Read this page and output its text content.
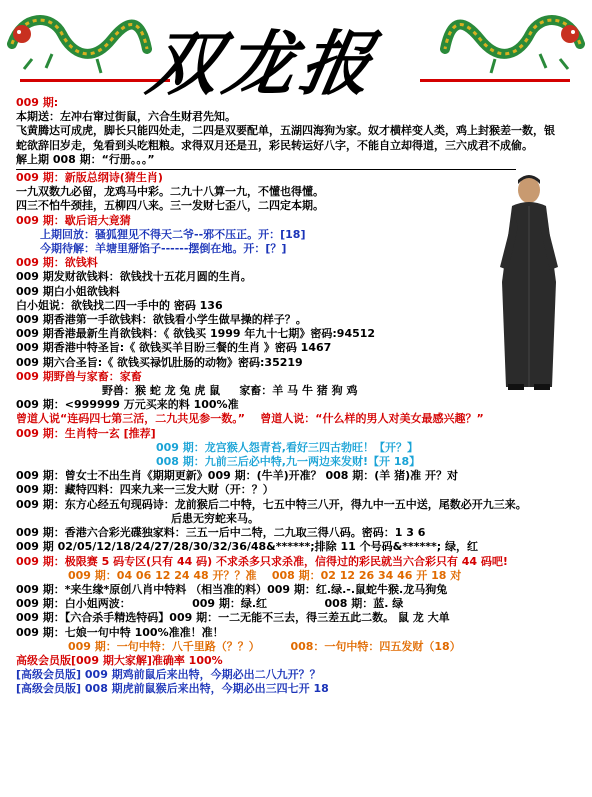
双龙报
009 期:
本期送：左冲右窜过街鼠，六合生财君先知。
飞黄腾达可成虎，脚长只能四处走，二四是双要配单，五湖四海狗为家。奴才横样变人类，鸡上封猴差一数，银蛇欲辞旧岁走，兔看到头吃粗粮。求得双月还是丑，彩民转运好八字，不能自立却得道，三六成君不成偷。
解上期 008 期：“行册。。。”
009 期：新版总纲诗(猜生肖)
一九双数九必留，龙鸡马中彩。二九十八算一九，不懂也得懂。
四三不怕牛颈挂，五柳四八来。三一发财七歪八，二四定本期。
009 期：歇后语大竟猜
上期回放：骚狐狸见不得天二爷--邪不压正。开：[18]
今期待解：羊塘里掰馅子------摆倒在地。开：[？]
009 期：欲钱料
009 期发财欲钱料：欲钱找十五花月圆的生肖。
009 期白小姐欲钱料
白小姐说：欲钱找二四一手中的 密码 136
009 期香港第一手欲钱料：欲钱看小学生做早操的样子？。
009 期香港最新生肖欲钱料：《 欲钱买 1999 年九十七期》密码:94512
009 期香港中特圣旨:《 欲钱买羊目盼三餐的生肖 》密码 1467
009 期六合圣旨:《 欲钱买禄饥肚肠的动物》密码:35219
009 期野兽与家畜：家畜
野兽：猴 蛇 龙 兔 虎 鼠 家畜：羊 马 牛 猪 狗 鸡
009 期：<999999 万元买来的料 100%准
曾道人说“连码四七第三活，二九共见参一数。” 曾道人说：“什么样的男人对美女最感兴趣？”
009 期：生肖特一玄 [推荐]
009 期：龙宫猴人怨青苔,看好三四古勃旺！【开？】
008 期：九前三后必中特,九一两边来发财!【开 18】
009 期：曾女士不出生肖《期期更新》009 期：(牛羊)开准？ 008 期：(羊 猪)准 开？对
009 期：藏特四料：四来九来一三发大财（开：？）
009 期：东方心经五句现码诗：龙前猴后二中特，七五中特三八开，得九中一五中送，尾数必开九三来。
后患无穷蛇来马。
009 期：香港六合彩光碟独家料：三五一后中二特，二九取三得八码。密码：1 3 6
009 期 02/05/12/18/24/27/28/30/32/36/48&******;排除 11 个号码&******; 绿，红
009 期：极限赛 5 码专区(只有 44 码) 不求杀多只求杀准，信得过的彩民就当六合彩只有 44 码吧!
009 期：04 06 12 24 48 开？？准 008 期：02 12 26 34 46 开 18 对
009 期：*来生缘*原创八肖中特料 （相当准的料）009 期：红.绿.-.鼠蛇牛猴.龙马狗兔
009 期：白小姐两波：                009 期：绿.红               008 期：蓝. 绿
009 期：【六合杀手精选特码】009 期：一二无能不三去，得三差五此二数。 鼠 龙 大单
009 期：七娘一句中特 100%准准！准！
009 期：一句中特：八千里路（？？）	008：一句中特：四五发财（18）
高级会员版[009 期大家解]准确率 100%
[高级会员版] 009 期鸡前鼠后来出特，今期必出二八九开？？
[高级会员版] 008 期虎前鼠猴后来出特，今期必出三四七开 18
